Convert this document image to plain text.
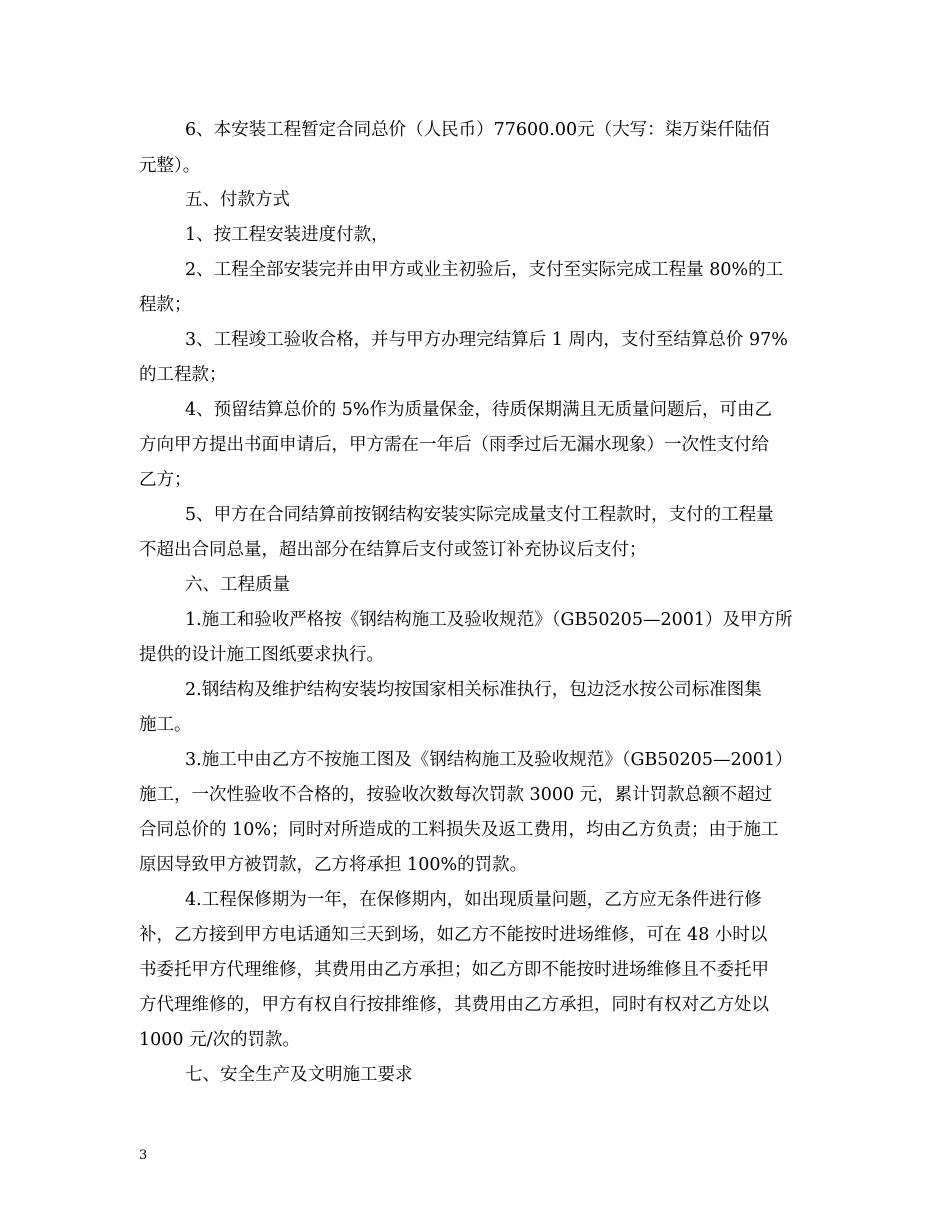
6、本安装工程暂定合同总价（人民币）77600.00元（大写：柒万柒仟陆佰
元整）。
五、付款方式
1、按工程安装进度付款，
2、工程全部安装完并由甲方或业主初验后，支付至实际完成工程量 80%的工
程款；
3、工程竣工验收合格，并与甲方办理完结算后 1 周内，支付至结算总价 97%
的工程款；
4、预留结算总价的 5%作为质量保金，待质保期满且无质量问题后，可由乙
方向甲方提出书面申请后，甲方需在一年后（雨季过后无漏水现象）一次性支付给
乙方；
5、甲方在合同结算前按钢结构安装实际完成量支付工程款时，支付的工程量
不超出合同总量，超出部分在结算后支付或签订补充协议后支付；
六、工程质量
1.施工和验收严格按《钢结构施工及验收规范》（GB50205—2001）及甲方所
提供的设计施工图纸要求执行。
2.钢结构及维护结构安装均按国家相关标准执行，包边泛水按公司标准图集
施工。
3.施工中由乙方不按施工图及《钢结构施工及验收规范》（GB50205—2001）
施工，一次性验收不合格的，按验收次数每次罚款 3000 元，累计罚款总额不超过
合同总价的 10%；同时对所造成的工料损失及返工费用，均由乙方负责；由于施工
原因导致甲方被罚款，乙方将承担 100%的罚款。
4.工程保修期为一年，在保修期内，如出现质量问题，乙方应无条件进行修
补，乙方接到甲方电话通知三天到场，如乙方不能按时进场维修，可在 48 小时以
书委托甲方代理维修，其费用由乙方承担；如乙方即不能按时进场维修且不委托甲
方代理维修的，甲方有权自行按排维修，其费用由乙方承担，同时有权对乙方处以
1000 元/次的罚款。
七、安全生产及文明施工要求
3
